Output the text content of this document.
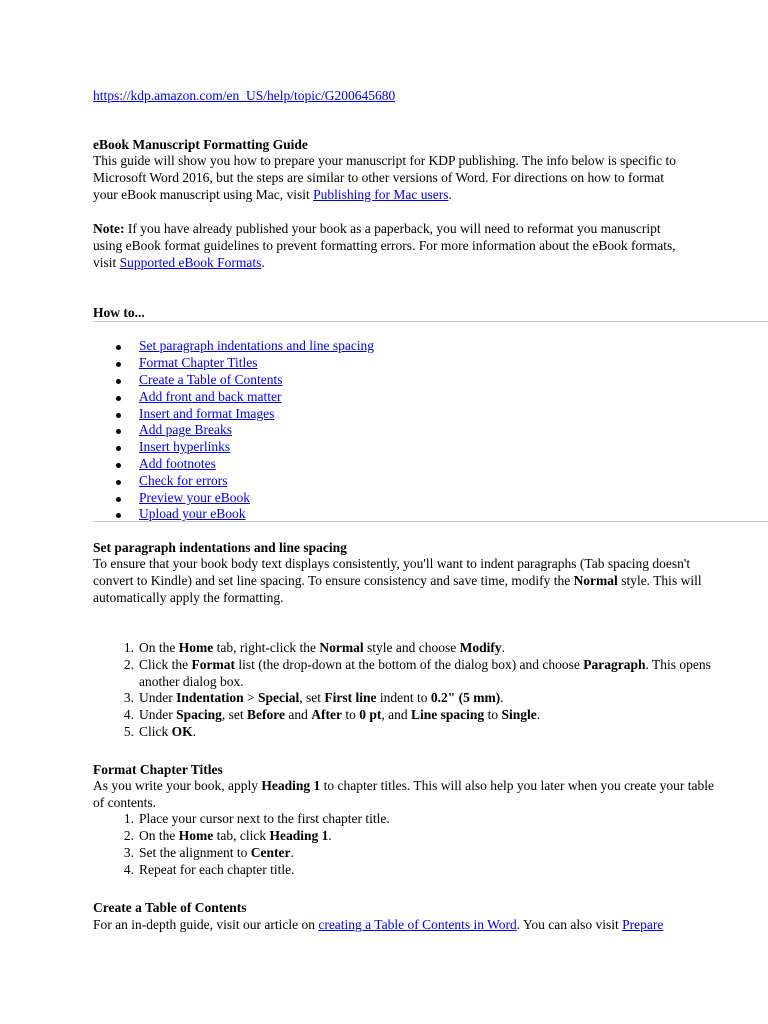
https://kdp.amazon.com/en_US/help/topic/G200645680
eBook Manuscript Formatting Guide
This guide will show you how to prepare your manuscript for KDP publishing. The info below is specific to
Microsoft Word 2016, but the steps are similar to other versions of Word. For directions on how to format
your eBook manuscript using Mac, visit Publishing for Mac users.
Note: If you have already published your book as a paperback, you will need to reformat you manuscript
using eBook format guidelines to prevent formatting errors. For more information about the eBook formats,
visit Supported eBook Formats.
How to...
Set paragraph indentations and line spacing
Format Chapter Titles
Create a Table of Contents
Add front and back matter
Insert and format Images
Add page Breaks
Insert hyperlinks
Add footnotes
Check for errors
Preview your eBook
Upload your eBook
Set paragraph indentations and line spacing
To ensure that your book body text displays consistently, you'll want to indent paragraphs (Tab spacing doesn't
convert to Kindle) and set line spacing. To ensure consistency and save time, modify the Normal style. This will
automatically apply the formatting.
1. On the Home tab, right-click the Normal style and choose Modify.
2. Click the Format list (the drop-down at the bottom of the dialog box) and choose Paragraph. This opens
another dialog box.
3. Under Indentation > Special, set First line indent to 0.2" (5 mm).
4. Under Spacing, set Before and After to 0 pt, and Line spacing to Single.
5. Click OK.
Format Chapter Titles
As you write your book, apply Heading 1 to chapter titles. This will also help you later when you create your table
of contents.
1. Place your cursor next to the first chapter title.
2. On the Home tab, click Heading 1.
3. Set the alignment to Center.
4. Repeat for each chapter title.
Create a Table of Contents
For an in-depth guide, visit our article on creating a Table of Contents in Word. You can also visit Prepare
